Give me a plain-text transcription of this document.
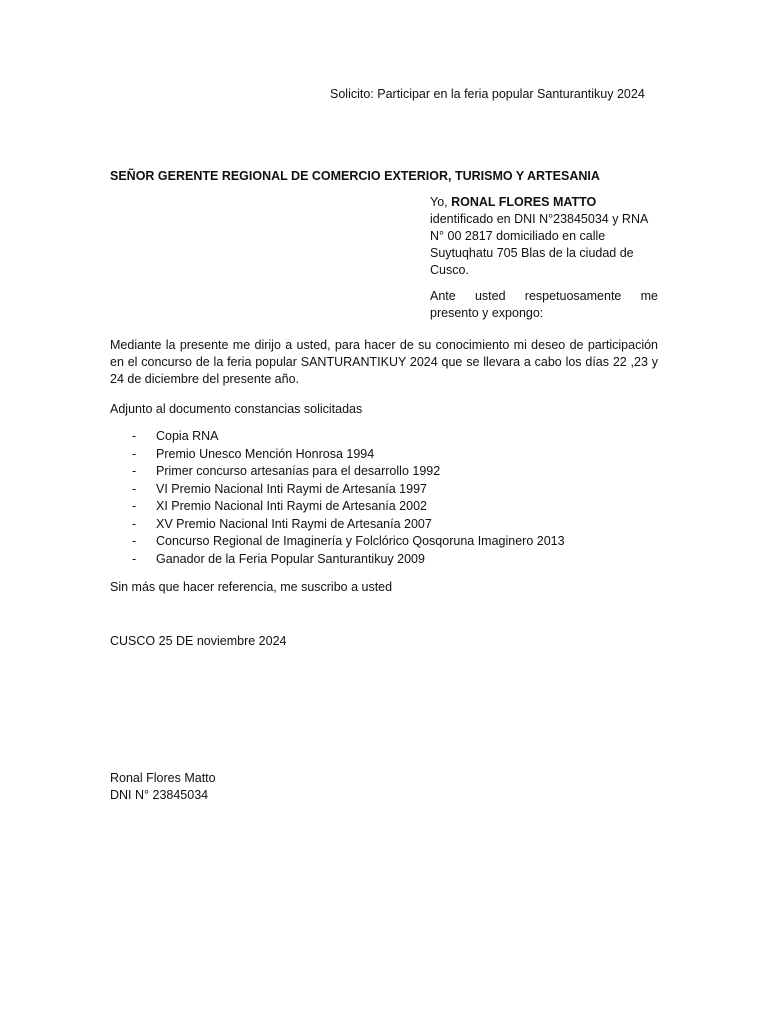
Solicito: Participar en la feria popular Santurantikuy 2024
SEÑOR GERENTE REGIONAL DE COMERCIO EXTERIOR, TURISMO Y ARTESANIA

Yo, RONAL FLORES MATTO
identificado en DNI N°23845034 y RNA N° 00 2817 domiciliado en calle Suytuqhatu 705 Blas de la ciudad de Cusco.

Ante usted respetuosamente me presento y expongo:

Mediante la presente me dirijo a usted, para hacer de su conocimiento mi deseo de participación en el concurso de la feria popular SANTURANTIKUY 2024 que se llevara a cabo los días 22 ,23 y 24 de diciembre del presente año.

Adjunto al documento constancias solicitadas

- Copia RNA
- Premio Unesco Mención Honrosa 1994
- Primer concurso artesanías para el desarrollo 1992
- VI Premio Nacional Inti Raymi de Artesanía 1997
- XI Premio Nacional Inti Raymi de Artesanía 2002
- XV Premio Nacional Inti Raymi de Artesanía 2007
- Concurso Regional de Imaginería y Folclórico Qosqoruna Imaginero 2013
- Ganador de la Feria Popular Santurantikuy 2009

Sin más que hacer referencia, me suscribo a usted

CUSCO 25 DE noviembre 2024

Ronal Flores Matto

DNI N° 23845034
